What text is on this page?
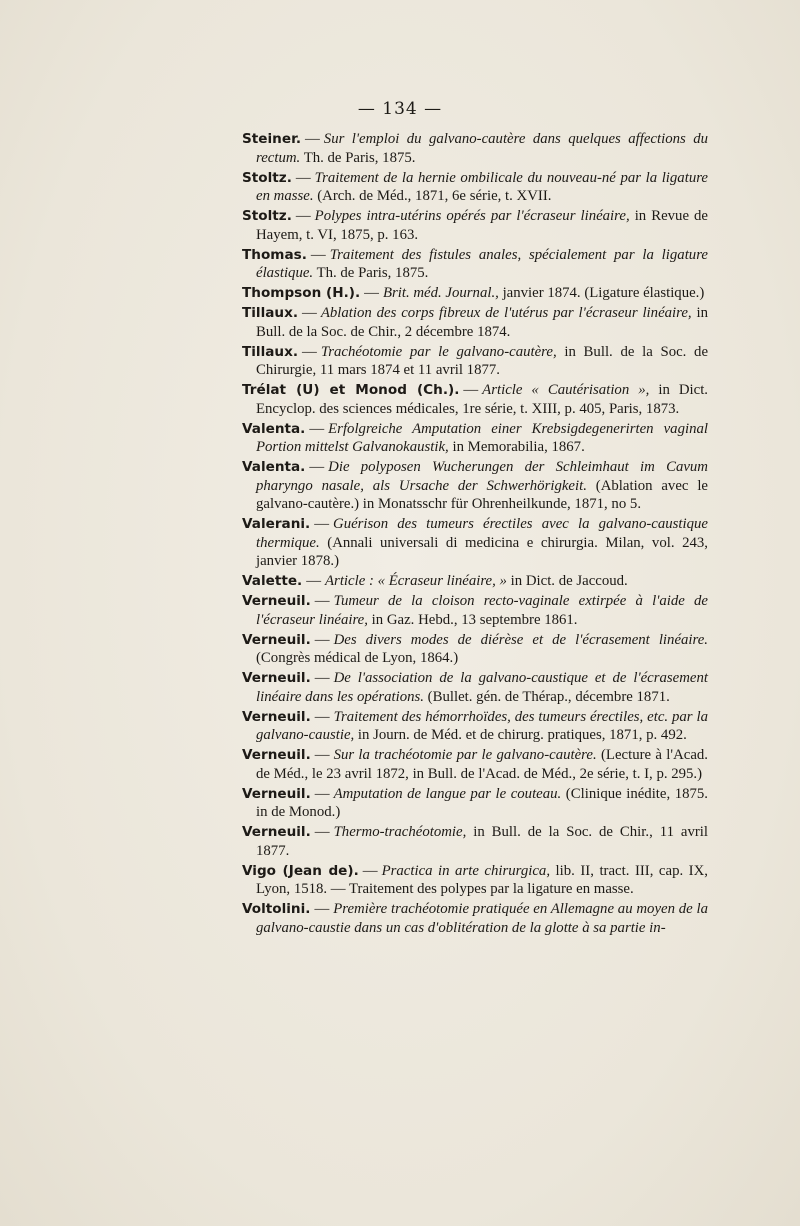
— 134 —

Steiner. — Sur l'emploi du galvano-cautère dans quelques affections du rectum. Th. de Paris, 1875.

Stoltz. — Traitement de la hernie ombilicale du nouveau-né par la ligature en masse. (Arch. de Méd., 1871, 6e série, t. XVII.

Stoltz. — Polypes intra-utérins opérés par l'écraseur linéaire, in Revue de Hayem, t. VI, 1875, p. 163.

Thomas. — Traitement des fistules anales, spécialement par la ligature élastique. Th. de Paris, 1875.

Thompson (H.). — Brit. méd. Journal., janvier 1874. (Ligature élastique.)

Tillaux. — Ablation des corps fibreux de l'utérus par l'écraseur linéaire, in Bull. de la Soc. de Chir., 2 décembre 1874.

Tillaux. — Trachéotomie par le galvano-cautère, in Bull. de la Soc. de Chirurgie, 11 mars 1874 et 11 avril 1877.

Trélat (U) et Monod (Ch.). — Article « Cautérisation », in Dict. Encyclop. des sciences médicales, 1re série, t. XIII, p. 405, Paris, 1873.

Valenta. — Erfolgreiche Amputation einer Krebsigdegenerirten vaginal Portion mittelst Galvanokaustik, in Memorabilia, 1867.

Valenta. — Die polyposen Wucherungen der Schleimhaut im Cavum pharyngo nasale, als Ursache der Schwerhörigkeit. (Ablation avec le galvano-cautère.) in Monatsschr für Ohrenheilkunde, 1871, no 5.

Valerani. — Guérison des tumeurs érectiles avec la galvano-caustique thermique. (Annali universali di medicina e chirurgia. Milan, vol. 243, janvier 1878.)

Valette. — Article : « Écraseur linéaire, » in Dict. de Jaccoud.

Verneuil. — Tumeur de la cloison recto-vaginale extirpée à l'aide de l'écraseur linéaire, in Gaz. Hebd., 13 septembre 1861.

Verneuil. — Des divers modes de diérèse et de l'écrasement linéaire. (Congrès médical de Lyon, 1864.)

Verneuil. — De l'association de la galvano-caustique et de l'écrasement linéaire dans les opérations. (Bullet. gén. de Thérap., décembre 1871.

Verneuil. — Traitement des hémorrhoïdes, des tumeurs érectiles, etc. par la galvano-caustie, in Journ. de Méd. et de chirurg. pratiques, 1871, p. 492.

Verneuil. — Sur la trachéotomie par le galvano-cautère. (Lecture à l'Acad. de Méd., le 23 avril 1872, in Bull. de l'Acad. de Méd., 2e série, t. I, p. 295.)

Verneuil. — Amputation de langue par le couteau. (Clinique inédite, 1875. in de Monod.)

Verneuil. — Thermo-trachéotomie, in Bull. de la Soc. de Chir., 11 avril 1877.

Vigo (Jean de). — Practica in arte chirurgica, lib. II, tract. III, cap. IX, Lyon, 1518. — Traitement des polypes par la ligature en masse.

Voltolini. — Première trachéotomie pratiquée en Allemagne au moyen de la galvano-caustie dans un cas d'oblitération de la glotte à sa partie in-
